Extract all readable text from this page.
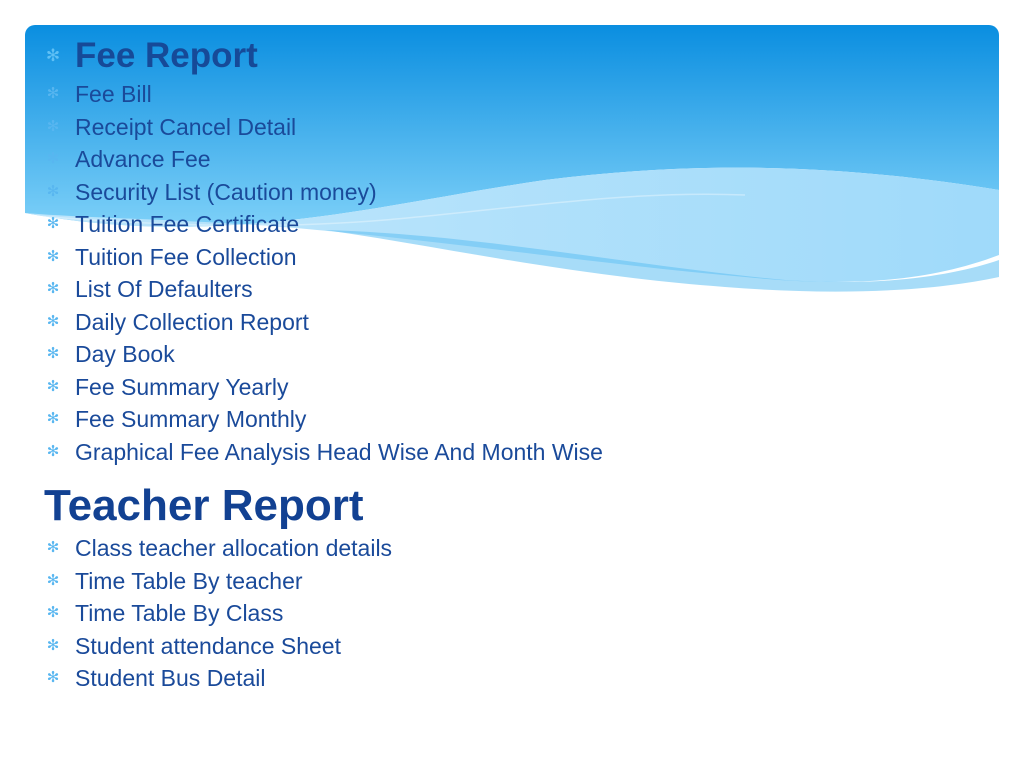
✻ Fee Report
✻ Fee Bill
✻ Receipt Cancel Detail
✻ Advance Fee
✻ Security List (Caution money)
✻ Tuition Fee Certificate
✻ Tuition Fee Collection
✻ List Of Defaulters
✻ Daily Collection Report
✻ Day Book
✻ Fee Summary Yearly
✻ Fee Summary Monthly
✻ Graphical Fee Analysis Head Wise And Month Wise
Teacher Report
✻ Class teacher allocation details
✻ Time Table By teacher
✻ Time Table By Class
✻ Student attendance Sheet
✻ Student Bus Detail
